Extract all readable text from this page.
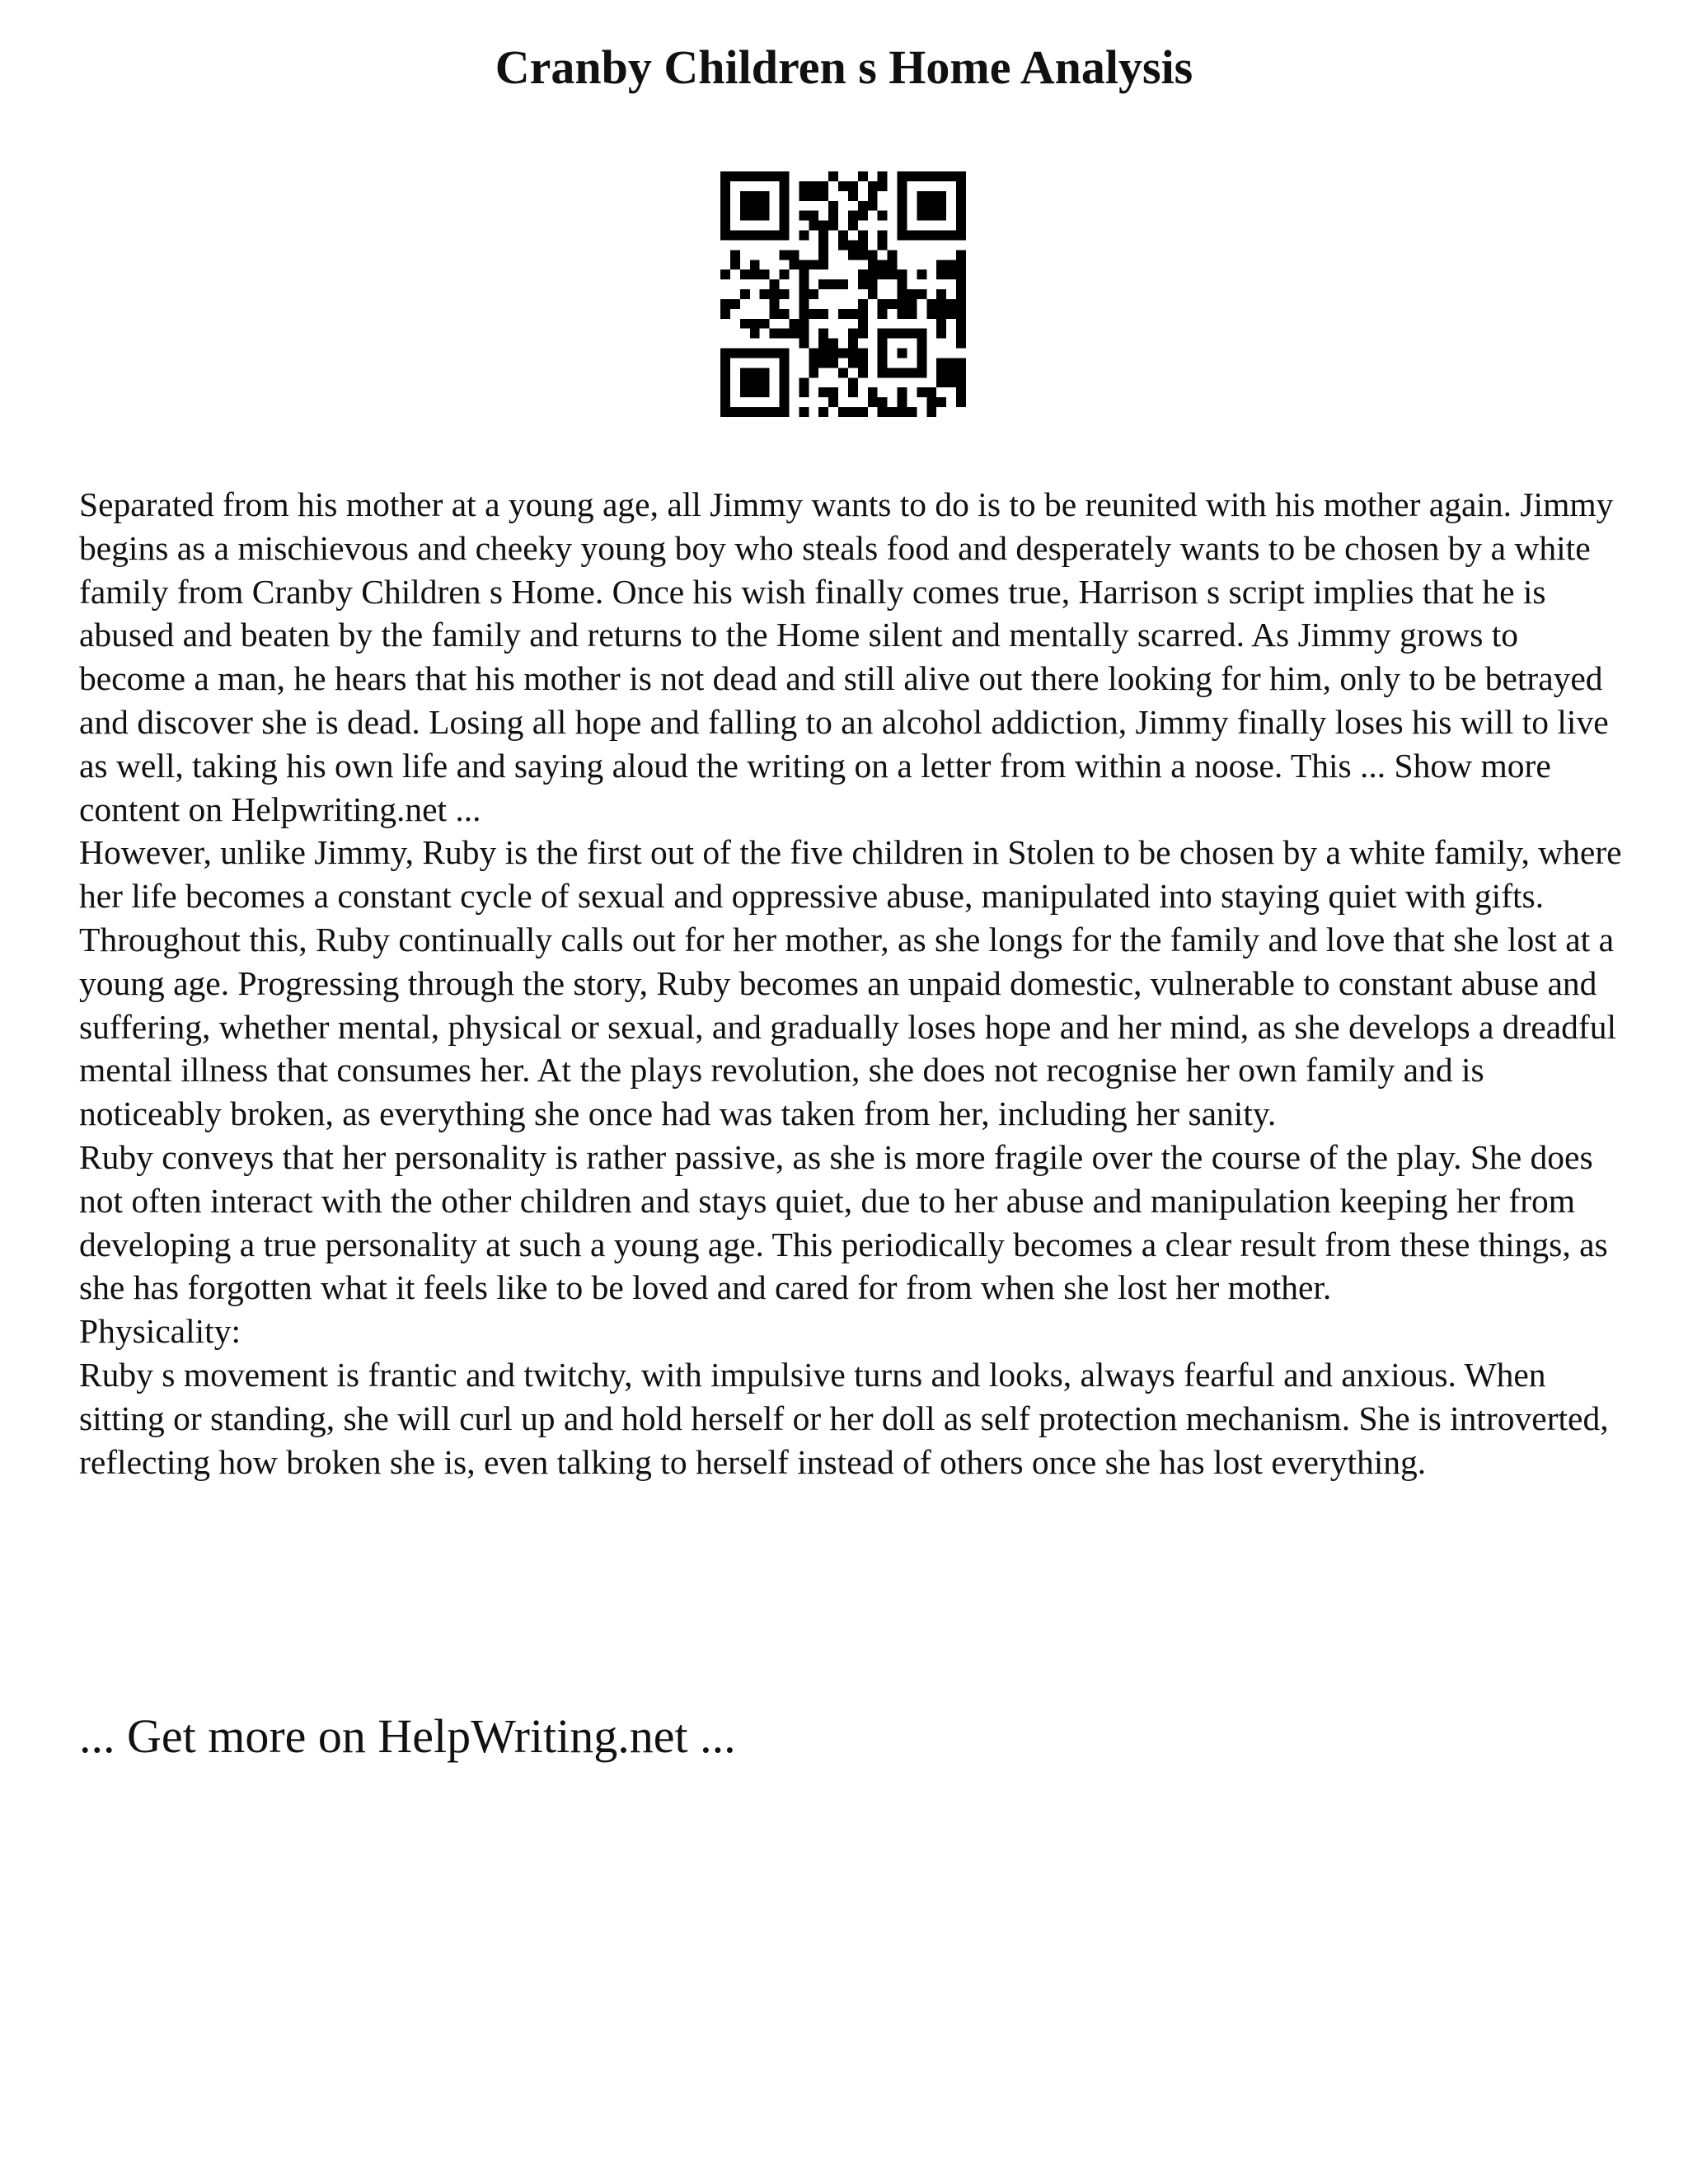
Cranby Children s Home Analysis

Separated from his mother at a young age, all Jimmy wants to do is to be reunited with his mother again. Jimmy begins as a mischievous and cheeky young boy who steals food and desperately wants to be chosen by a white family from Cranby Children s Home. Once his wish finally comes true, Harrison s script implies that he is abused and beaten by the family and returns to the Home silent and mentally scarred. As Jimmy grows to become a man, he hears that his mother is not dead and still alive out there looking for him, only to be betrayed and discover she is dead. Losing all hope and falling to an alcohol addiction, Jimmy finally loses his will to live as well, taking his own life and saying aloud the writing on a letter from within a noose. This ... Show more content on Helpwriting.net ...

However, unlike Jimmy, Ruby is the first out of the five children in Stolen to be chosen by a white family, where her life becomes a constant cycle of sexual and oppressive abuse, manipulated into staying quiet with gifts. Throughout this, Ruby continually calls out for her mother, as she longs for the family and love that she lost at a young age. Progressing through the story, Ruby becomes an unpaid domestic, vulnerable to constant abuse and suffering, whether mental, physical or sexual, and gradually loses hope and her mind, as she develops a dreadful mental illness that consumes her. At the plays revolution, she does not recognise her own family and is noticeably broken, as everything she once had was taken from her, including her sanity.

Ruby conveys that her personality is rather passive, as she is more fragile over the course of the play. She does not often interact with the other children and stays quiet, due to her abuse and manipulation keeping her from developing a true personality at such a young age. This periodically becomes a clear result from these things, as she has forgotten what it feels like to be loved and cared for from when she lost her mother.

Physicality:

Ruby s movement is frantic and twitchy, with impulsive turns and looks, always fearful and anxious. When sitting or standing, she will curl up and hold herself or her doll as self protection mechanism. She is introverted, reflecting how broken she is, even talking to herself instead of others once she has lost everything.

... Get more on HelpWriting.net ...
